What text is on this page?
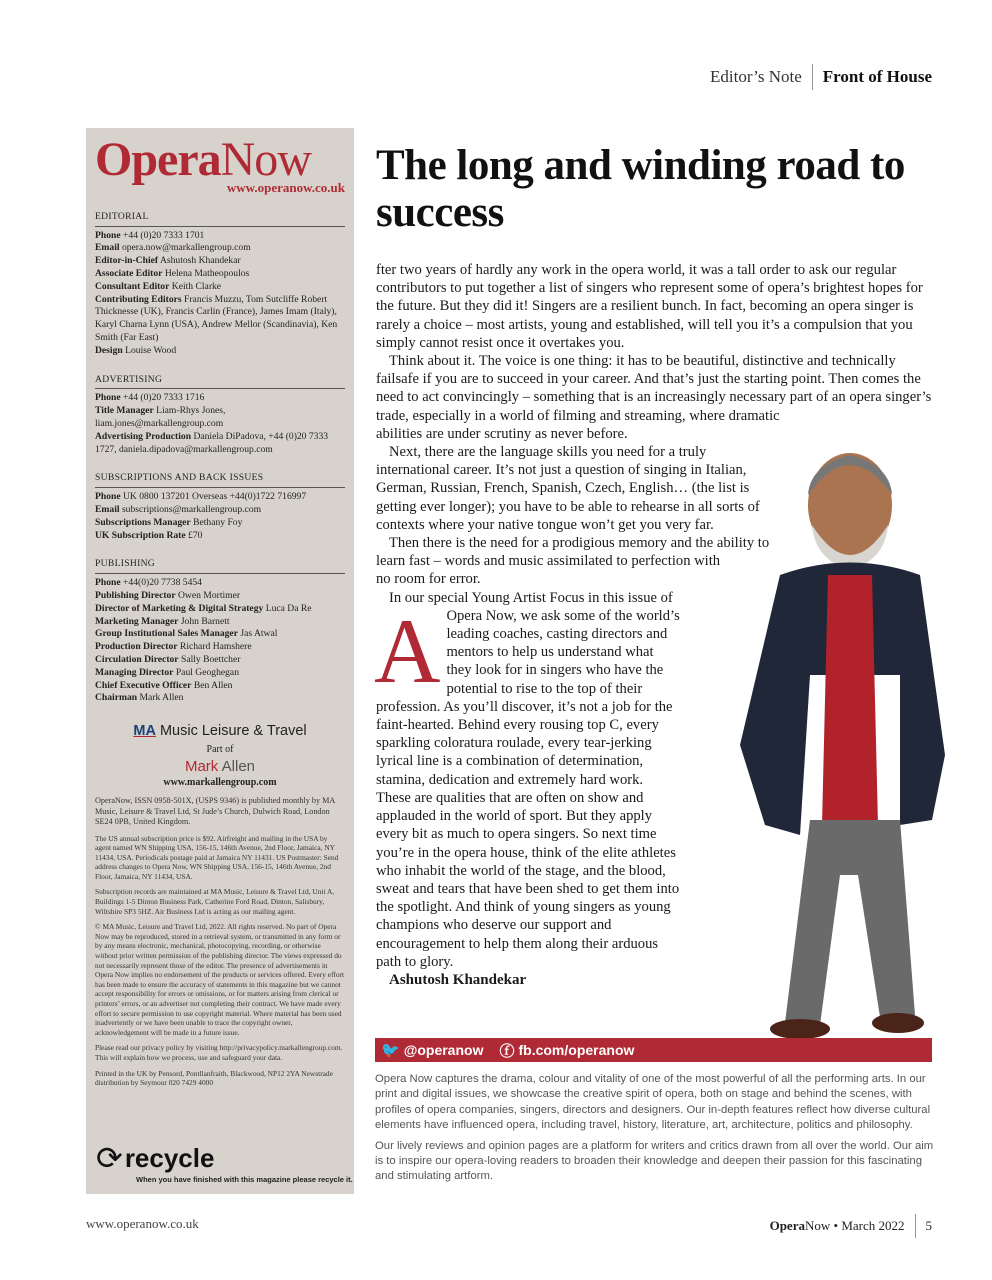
Editor’s Note	Front of House
OperaNow
www.operanow.co.uk
EDITORIAL
Phone +44 (0)20 7333 1701
Email opera.now@markallengroup.com
Editor-in-Chief Ashutosh Khandekar
Associate Editor Helena Matheopoulos
Consultant Editor Keith Clarke
Contributing Editors Francis Muzzu, Tom Sutcliffe Robert Thicknesse (UK), Francis Carlin (France), James Imam (Italy), Karyl Charna Lynn (USA), Andrew Mellor (Scandinavia), Ken Smith (Far East)
Design Louise Wood
ADVERTISING
Phone +44 (0)20 7333 1716
Title Manager Liam-Rhys Jones, liam.jones@markallengroup.com
Advertising Production Daniela DiPadova, +44 (0)20 7333 1727, daniela.dipadova@markallengroup.com
SUBSCRIPTIONS AND BACK ISSUES
Phone UK 0800 137201 Overseas +44(0)1722 716997
Email subscriptions@markallengroup.com
Subscriptions Manager Bethany Foy
UK Subscription Rate £70
PUBLISHING
Phone +44(0)20 7738 5454
Publishing Director Owen Mortimer
Director of Marketing & Digital Strategy Luca Da Re
Marketing Manager John Barnett
Group Institutional Sales Manager Jas Atwal
Production Director Richard Hamshere
Circulation Director Sally Boettcher
Managing Director Paul Geoghegan
Chief Executive Officer Ben Allen
Chairman Mark Allen
MA Music Leisure & Travel
Part of
Mark Allen
www.markallengroup.com
OperaNow, ISSN 0958-501X, (USPS 9346) is published monthly by MA Music, Leisure & Travel Ltd, St Jude’s Church, Dulwich Road, London SE24 0PB, United Kingdom.
The US annual subscription price is $92. Airfreight and mailing in the USA by agent named WN Shipping USA, 156-15, 146th Avenue, 2nd Floor, Jamaica, NY 11434, USA. Periodicals postage paid at Jamaica NY 11431. US Postmaster: Send address changes to Opera Now, WN Shipping USA, 156-15, 146th Avenue, 2nd Floor, Jamaica, NY 11434, USA.
Subscription records are maintained at MA Music, Leisure & Travel Ltd, Unit A, Buildings 1-5 Dinton Business Park, Catherine Ford Road, Dinton, Salisbury, Wiltshire SP3 5HZ. Air Business Ltd is acting as our mailing agent.
© MA Music, Leisure and Travel Ltd, 2022. All rights reserved. No part of Opera Now may be reproduced, stored in a retrieval system, or transmitted in any form or by any means electronic, mechanical, photocopying, recording, or otherwise without prior written permission of the publishing director. The views expressed do not necessarily represent those of the editor. The presence of advertisements in Opera Now implies no endorsement of the products or services offered. Every effort has been made to ensure the accuracy of statements in this magazine but we cannot accept responsibility for errors or omissions, or for matters arising from clerical or printers’ errors, or an advertiser not completing their contract. We have made every effort to secure permission to use copyright material. Where material has been used inadvertently or we have been unable to trace the copyright owner, acknowledgement will be made in a future issue.
Please read our privacy policy by visiting http://privacypolicy.markallengroup.com. This will explain how we process, use and safeguard your data.
Printed in the UK by Pensord, Pontllanfraith, Blackwood, NP12 2YA Newstrade distribution by Seymour 020 7429 4000
⟳ recycle
When you have finished with this magazine please recycle it.
The long and winding road to success

A
fter two years of hardly any work in the opera world, it was a tall order to ask our regular contributors to put together a list of singers who represent some of opera’s brightest hopes for the future. But they did it! Singers are a resilient bunch. In fact, becoming an opera singer is rarely a choice – most artists, young and established, will tell you it’s a compulsion that you simply cannot resist once it overtakes you.

Think about it. The voice is one thing: it has to be beautiful, distinctive and technically failsafe if you are to succeed in your career. And that’s just the starting point. Then comes the need to act convincingly – something that is an increasingly necessary part of an opera singer’s trade, especially in a world of filming and streaming, where dramatic abilities are under scrutiny as never before.

Next, there are the language skills you need for a truly international career. It’s not just a question of singing in Italian, German, Russian, French, Spanish, Czech, English… (the list is getting ever longer); you have to be able to rehearse in all sorts of contexts where your native tongue won’t get you very far.

Then there is the need for a prodigious memory and the ability to learn fast – words and music assimilated to perfection with no room for error.

In our special Young Artist Focus in this issue of Opera Now, we ask some of the world’s leading coaches, casting directors and mentors to help us understand what they look for in singers who have the potential to rise to the top of their profession. As you’ll discover, it’s not a job for the faint-hearted. Behind every rousing top C, every sparkling coloratura roulade, every tear-jerking lyrical line is a combination of determination, stamina, dedication and extremely hard work. These are qualities that are often on show and applauded in the world of sport. But they apply every bit as much to opera singers. So next time you’re in the opera house, think of the elite athletes who inhabit the world of the stage, and the blood, sweat and tears that have been shed to get them into the spotlight. And think of young singers as young champions who deserve our support and encouragement to help them along their arduous path to glory.

Ashutosh Khandekar

🐦 @operanow ⓕ fb.com/operanow

Opera Now captures the drama, colour and vitality of one of the most powerful of all the performing arts. In our print and digital issues, we showcase the creative spirit of opera, both on stage and behind the scenes, with profiles of opera companies, singers, directors and designers. Our in-depth features reflect how diverse cultural elements have influenced opera, including travel, history, literature, art, architecture, politics and philosophy.

Our lively reviews and opinion pages are a platform for writers and critics drawn from all over the world. Our aim is to inspire our opera-loving readers to broaden their knowledge and deepen their passion for this fascinating and stimulating artform.

www.operanow.co.uk	Opera Now
• March 2022 5
